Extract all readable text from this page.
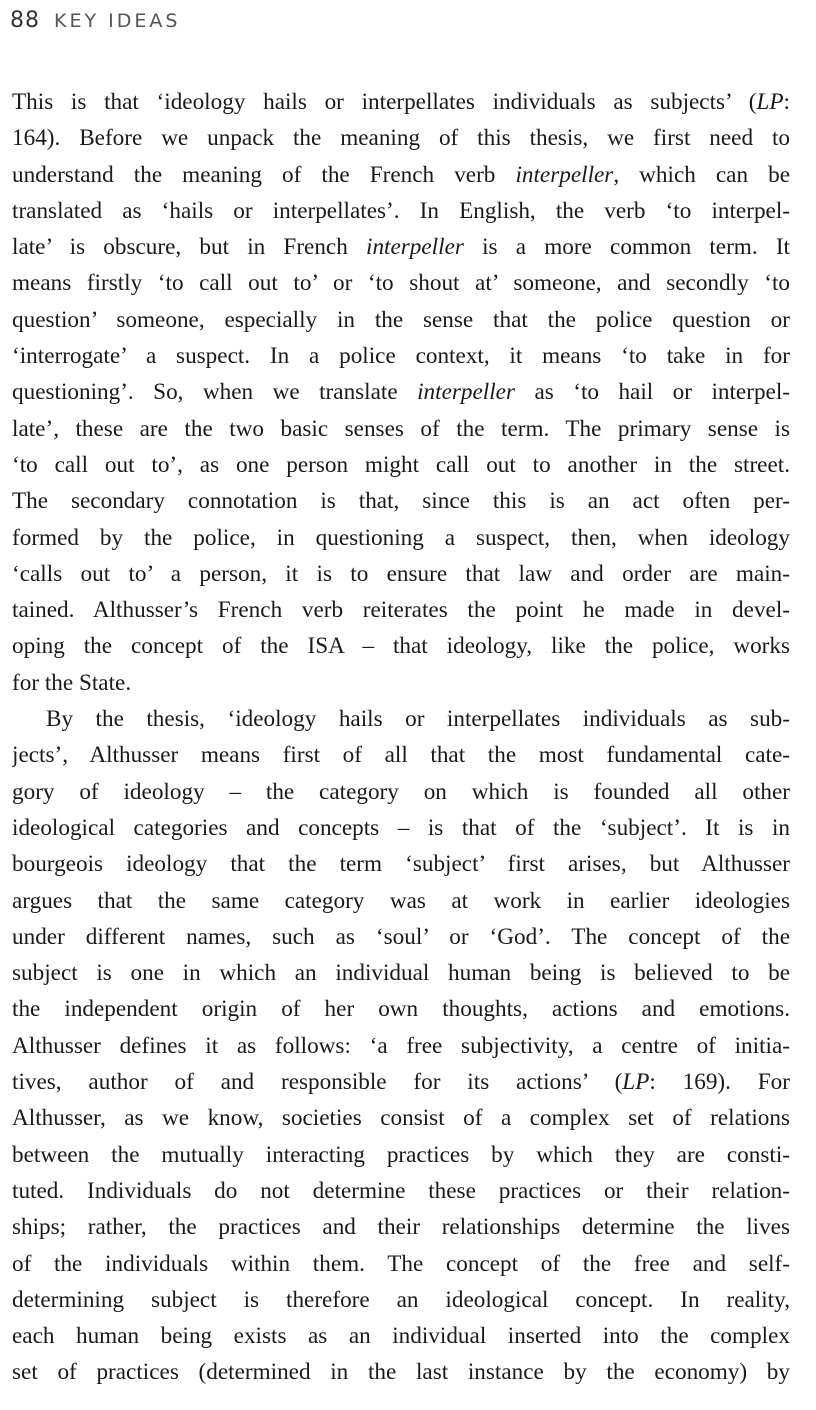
88 KEY IDEAS
This is that ‘ideology hails or interpellates individuals as subjects’ (LP:
164). Before we unpack the meaning of this thesis, we first need to
understand the meaning of the French verb interpeller, which can be
translated as ‘hails or interpellates’. In English, the verb ‘to interpel-
late’ is obscure, but in French interpeller is a more common term. It
means firstly ‘to call out to’ or ‘to shout at’ someone, and secondly ‘to
question’ someone, especially in the sense that the police question or
‘interrogate’ a suspect. In a police context, it means ‘to take in for
questioning’. So, when we translate interpeller as ‘to hail or interpel-
late’, these are the two basic senses of the term. The primary sense is
‘to call out to’, as one person might call out to another in the street.
The secondary connotation is that, since this is an act often per-
formed by the police, in questioning a suspect, then, when ideology
‘calls out to’ a person, it is to ensure that law and order are main-
tained. Althusser’s French verb reiterates the point he made in devel-
oping the concept of the ISA – that ideology, like the police, works
for the State.
By the thesis, ‘ideology hails or interpellates individuals as sub-
jects’, Althusser means first of all that the most fundamental cate-
gory of ideology – the category on which is founded all other
ideological categories and concepts – is that of the ‘subject’. It is in
bourgeois ideology that the term ‘subject’ first arises, but Althusser
argues that the same category was at work in earlier ideologies
under different names, such as ‘soul’ or ‘God’. The concept of the
subject is one in which an individual human being is believed to be
the independent origin of her own thoughts, actions and emotions.
Althusser defines it as follows: ‘a free subjectivity, a centre of initia-
tives, author of and responsible for its actions’ (LP: 169). For
Althusser, as we know, societies consist of a complex set of relations
between the mutually interacting practices by which they are consti-
tuted. Individuals do not determine these practices or their relation-
ships; rather, the practices and their relationships determine the lives
of the individuals within them. The concept of the free and self-
determining subject is therefore an ideological concept. In reality,
each human being exists as an individual inserted into the complex
set of practices (determined in the last instance by the economy) by
